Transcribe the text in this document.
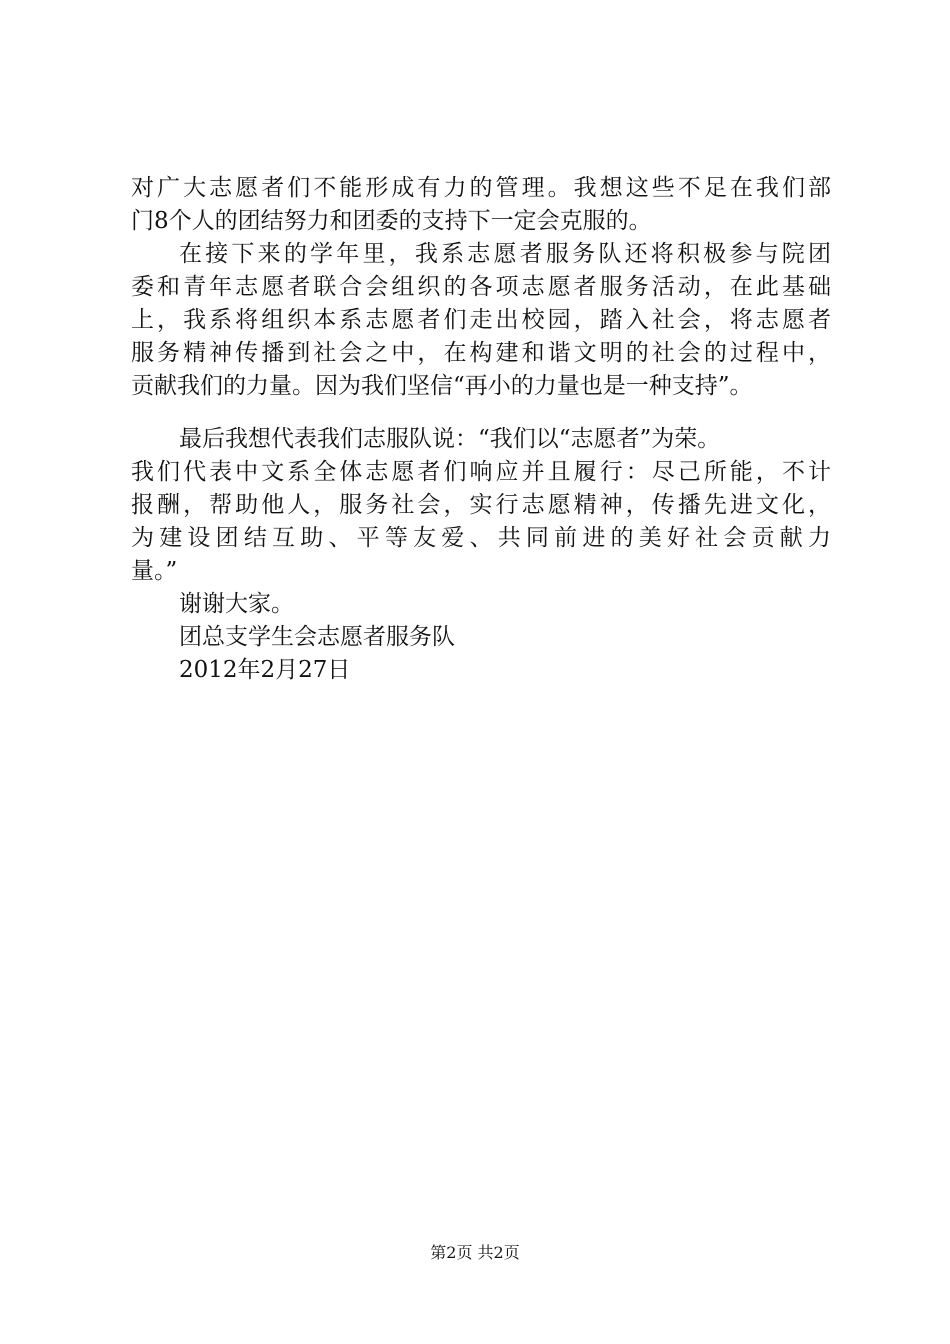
对广大志愿者们不能形成有力的管理。我想这些不足在我们部
门8个人的团结努力和团委的支持下一定会克服的。
在接下来的学年里，我系志愿者服务队还将积极参与院团
委和青年志愿者联合会组织的各项志愿者服务活动，在此基础
上，我系将组织本系志愿者们走出校园，踏入社会，将志愿者
服务精神传播到社会之中，在构建和谐文明的社会的过程中，
贡献我们的力量。因为我们坚信“再小的力量也是一种支持”。
最后我想代表我们志服队说：“我们以“志愿者”为荣。
我们代表中文系全体志愿者们响应并且履行：尽己所能，不计
报酬，帮助他人，服务社会，实行志愿精神，传播先进文化，
为建设团结互助、平等友爱、共同前进的美好社会贡献力
量。”
谢谢大家。
团总支学生会志愿者服务队
2012年2月27日
第2页 共2页
